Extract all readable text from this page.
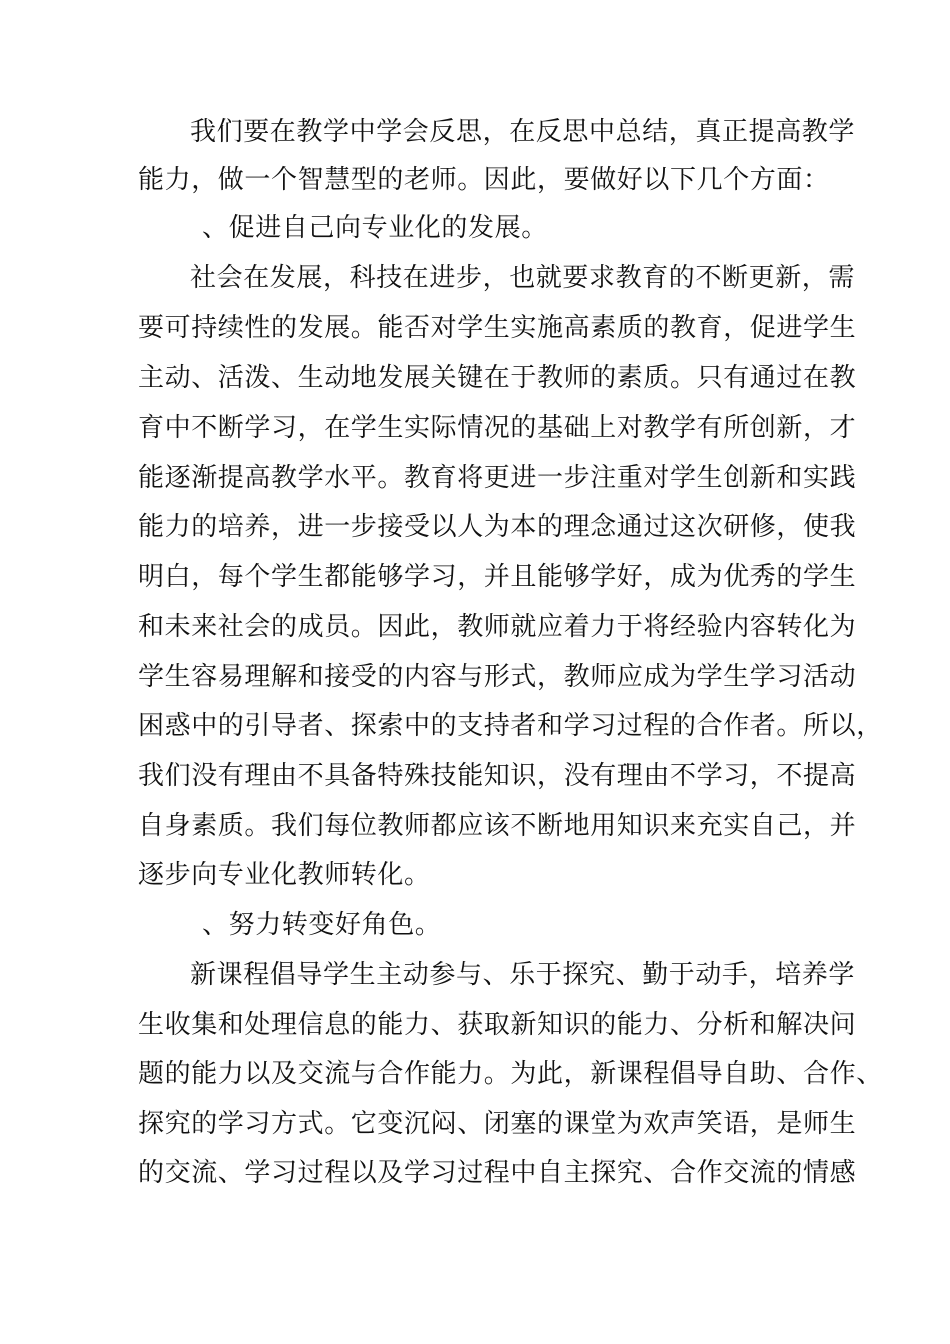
我们要在教学中学会反思，在反思中总结，真正提高教学
能力，做一个智慧型的老师。因此，要做好以下几个方面：
、促进自己向专业化的发展。
社会在发展，科技在进步，也就要求教育的不断更新，需
要可持续性的发展。能否对学生实施高素质的教育，促进学生
主动、活泼、生动地发展关键在于教师的素质。只有通过在教
育中不断学习，在学生实际情况的基础上对教学有所创新，才
能逐渐提高教学水平。教育将更进一步注重对学生创新和实践
能力的培养，进一步接受以人为本的理念通过这次研修，使我
明白，每个学生都能够学习，并且能够学好，成为优秀的学生
和未来社会的成员。因此，教师就应着力于将经验内容转化为
学生容易理解和接受的内容与形式，教师应成为学生学习活动
困惑中的引导者、探索中的支持者和学习过程的合作者。所以，
我们没有理由不具备特殊技能知识，没有理由不学习，不提高
自身素质。我们每位教师都应该不断地用知识来充实自己，并
逐步向专业化教师转化。
、努力转变好角色。
新课程倡导学生主动参与、乐于探究、勤于动手，培养学
生收集和处理信息的能力、获取新知识的能力、分析和解决问
题的能力以及交流与合作能力。为此，新课程倡导自助、合作、
探究的学习方式。它变沉闷、闭塞的课堂为欢声笑语，是师生
的交流、学习过程以及学习过程中自主探究、合作交流的情感
